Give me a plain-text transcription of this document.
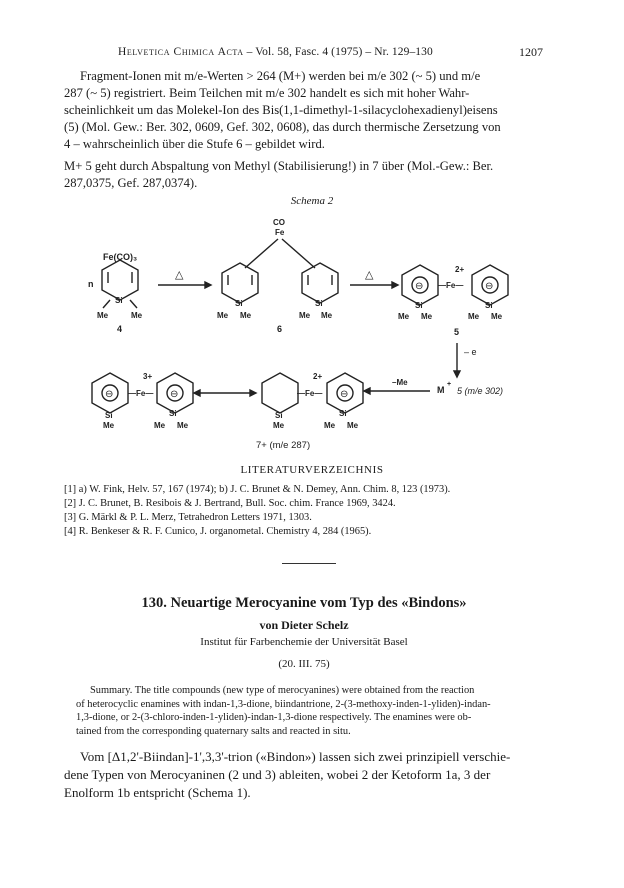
Helvetica Chimica Acta – Vol. 58, Fasc. 4 (1975) – Nr. 129–130	1207
Fragment-Ionen mit m/e-Werten > 264 (M+) werden bei m/e 302 (~ 5) und m/e
287 (~ 5) registriert. Beim Teilchen mit m/e 302 handelt es sich mit hoher Wahr-
scheinlichkeit um das Molekel-Ion des Bis(1,1-dimethyl-1-silacyclohexadienyl)eisens
(5) (Mol. Gew.: Ber. 302, 0609, Gef. 302, 0608), das durch thermische Zersetzung von
4 – wahrscheinlich über die Stufe 6 – gebildet wird.
M+ 5 geht durch Abspaltung von Methyl (Stabilisierung!) in 7 über (Mol.-Gew.: Ber.
287,0375, Gef. 287,0374).
Schema 2
Fe(CO)₃
n
Si
Me	Me
4
△
CO
Fe
Si	Si
Me Me	Me Me
6
△
⊖ —Fe—
2+
⊖
Si	Si
Me Me	Me Me
5
– e
M
+
5 (m/e 302)
–Me
—Fe—
2+
⊖
Si	Si
Me	Me Me
⊖ —Fe—
3+
⊖
Si	Si
Me	Me Me
7+ (m/e 287)
LITERATURVERZEICHNIS
[1] a) W. Fink, Helv. 57, 167 (1974); b) J. C. Brunet & N. Demey, Ann. Chim. 8, 123 (1973).
[2] J. C. Brunet, B. Resibois & J. Bertrand, Bull. Soc. chim. France 1969, 3424.
[3] G. Märkl & P. L. Merz, Tetrahedron Letters 1971, 1303.
[4] R. Benkeser & R. F. Cunico, J. organometal. Chemistry 4, 284 (1965).
130. Neuartige Merocyanine vom Typ des «Bindons»
von Dieter Schelz
Institut für Farbenchemie der Universität Basel
(20. III. 75)
Summary. The title compounds (new type of merocyanines) were obtained from the reaction
of heterocyclic enamines with indan-1,3-dione, biindantrione, 2-(3-methoxy-inden-1-yliden)-indan-
1,3-dione, or 2-(3-chloro-inden-1-yliden)-indan-1,3-dione respectively. The enamines were ob-
tained from the corresponding quaternary salts and reacted in situ.
Vom [Δ1,2'-Biindan]-1',3,3'-trion («Bindon») lassen sich zwei prinzipiell verschie-
dene Typen von Merocyaninen (2 und 3) ableiten, wobei 2 der Ketoform 1a, 3 der
Enolform 1b entspricht (Schema 1).
